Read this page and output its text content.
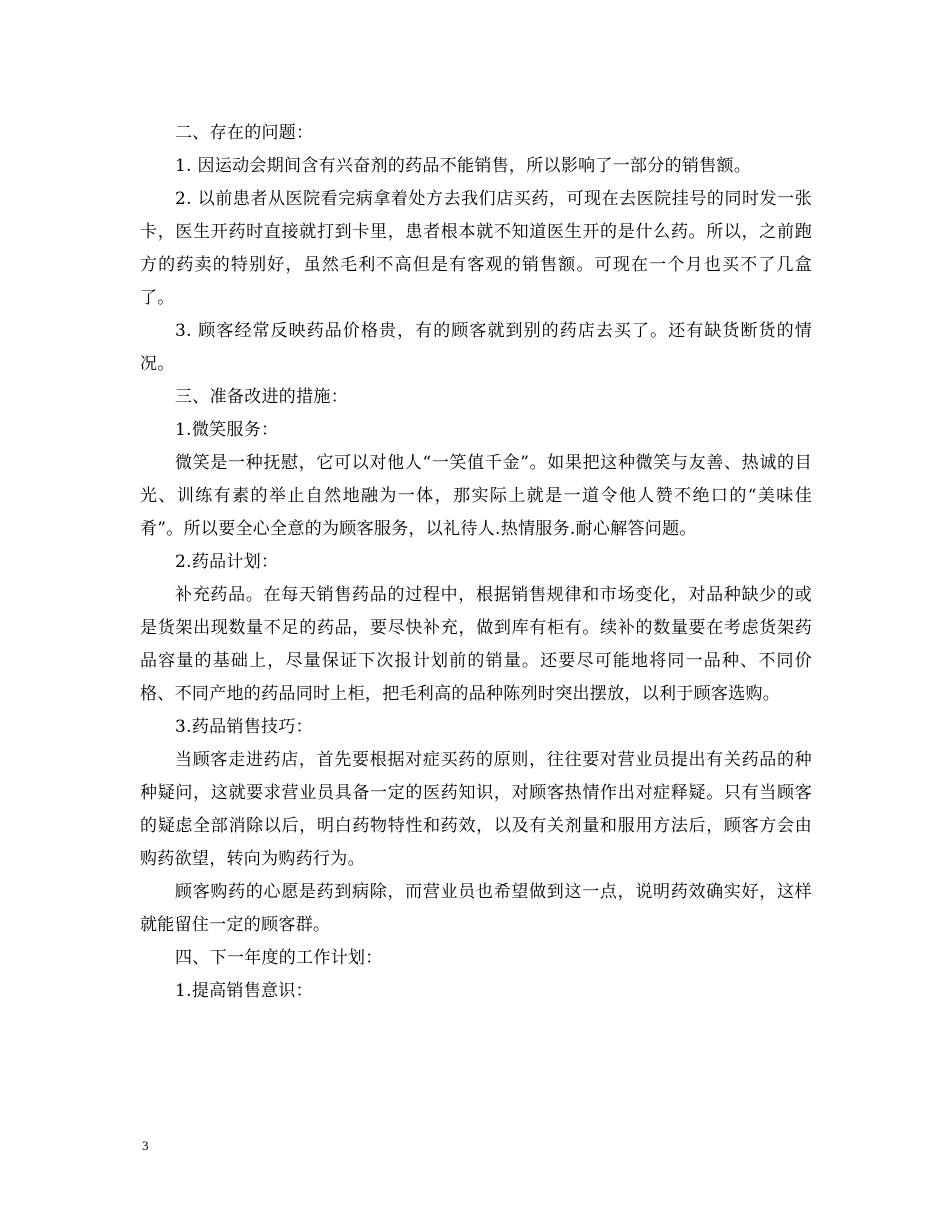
二、存在的问题：

1. 因运动会期间含有兴奋剂的药品不能销售，所以影响了一部分的销售额。

2. 以前患者从医院看完病拿着处方去我们店买药，可现在去医院挂号的同时发一张卡，医生开药时直接就打到卡里，患者根本就不知道医生开的是什么药。所以，之前跑方的药卖的特别好，虽然毛利不高但是有客观的销售额。可现在一个月也买不了几盒了。

3. 顾客经常反映药品价格贵，有的顾客就到别的药店去买了。还有缺货断货的情况。

三、准备改进的措施：

1.微笑服务：

微笑是一种抚慰，它可以对他人“一笑值千金”。如果把这种微笑与友善、热诚的目光、训练有素的举止自然地融为一体，那实际上就是一道令他人赞不绝口的“美味佳肴”。所以要全心全意的为顾客服务，以礼待人.热情服务.耐心解答问题。

2.药品计划：

补充药品。在每天销售药品的过程中，根据销售规律和市场变化，对品种缺少的或是货架出现数量不足的药品，要尽快补充，做到库有柜有。续补的数量要在考虑货架药品容量的基础上，尽量保证下次报计划前的销量。还要尽可能地将同一品种、不同价格、不同产地的药品同时上柜，把毛利高的品种陈列时突出摆放，以利于顾客选购。

3.药品销售技巧：

当顾客走进药店，首先要根据对症买药的原则，往往要对营业员提出有关药品的种种疑问，这就要求营业员具备一定的医药知识，对顾客热情作出对症释疑。只有当顾客的疑虑全部消除以后，明白药物特性和药效，以及有关剂量和服用方法后，顾客方会由购药欲望，转向为购药行为。

顾客购药的心愿是药到病除，而营业员也希望做到这一点，说明药效确实好，这样就能留住一定的顾客群。

四、下一年度的工作计划：

1.提高销售意识：

3
